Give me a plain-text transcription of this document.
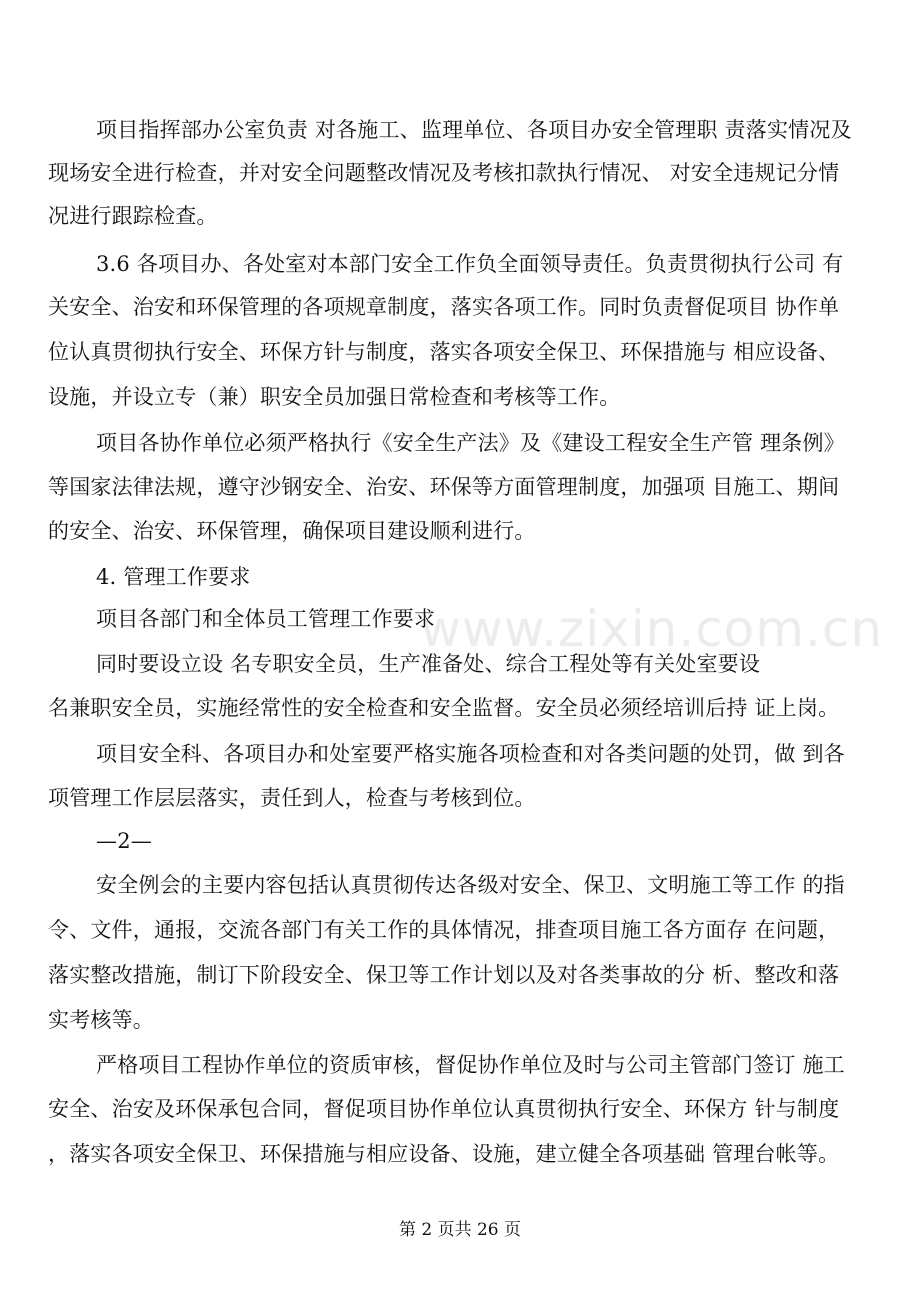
www.zixin.com.cn
项目指挥部办公室负责 对各施工、监理单位、各项目办安全管理职 责落实情况及
现场安全进行检查，并对安全问题整改情况及考核扣款执行情况、 对安全违规记分情
况进行跟踪检查。
3.6 各项目办、各处室对本部门安全工作负全面领导责任。负责贯彻执行公司 有
关安全、治安和环保管理的各项规章制度，落实各项工作。同时负责督促项目 协作单
位认真贯彻执行安全、环保方针与制度，落实各项安全保卫、环保措施与 相应设备、
设施，并设立专（兼）职安全员加强日常检查和考核等工作。
项目各协作单位必须严格执行《安全生产法》及《建设工程安全生产管 理条例》
等国家法律法规，遵守沙钢安全、治安、环保等方面管理制度，加强项 目施工、期间
的安全、治安、环保管理，确保项目建设顺利进行。
4. 管理工作要求
项目各部门和全体员工管理工作要求
同时要设立设 名专职安全员，生产准备处、综合工程处等有关处室要设
名兼职安全员，实施经常性的安全检查和安全监督。安全员必须经培训后持 证上岗。
项目安全科、各项目办和处室要严格实施各项检查和对各类问题的处罚，做 到各
项管理工作层层落实，责任到人，检查与考核到位。
—2—
安全例会的主要内容包括认真贯彻传达各级对安全、保卫、文明施工等工作 的指
令、文件，通报，交流各部门有关工作的具体情况，排查项目施工各方面存 在问题，
落实整改措施，制订下阶段安全、保卫等工作计划以及对各类事故的分 析、整改和落
实考核等。
严格项目工程协作单位的资质审核，督促协作单位及时与公司主管部门签订 施工
安全、治安及环保承包合同，督促项目协作单位认真贯彻执行安全、环保方 针与制度
，落实各项安全保卫、环保措施与相应设备、设施，建立健全各项基础 管理台帐等。
第 2 页共 26 页
